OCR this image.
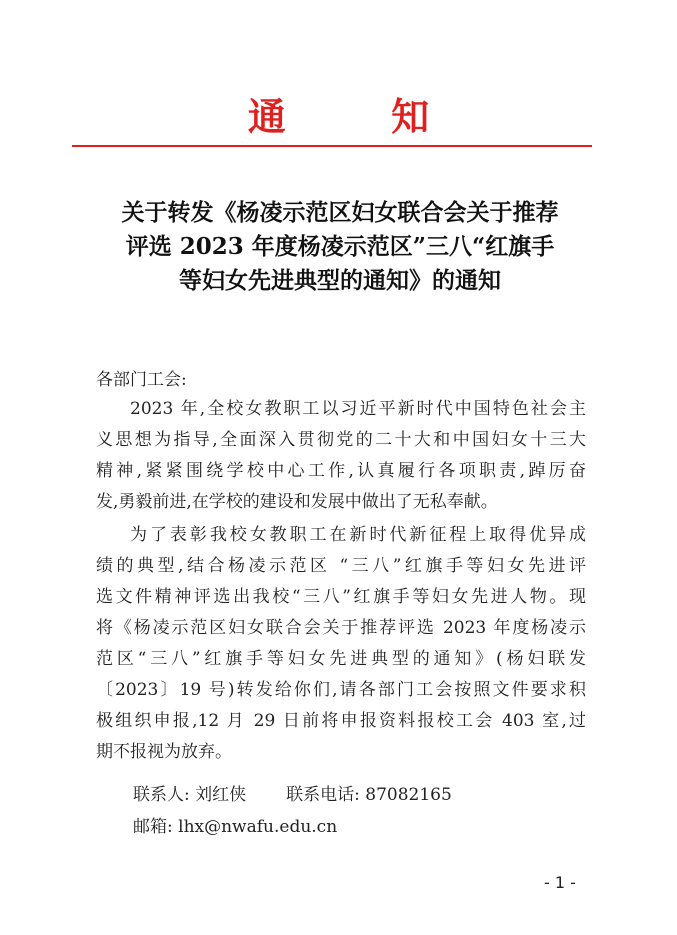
通 知
关于转发《杨凌示范区妇女联合会关于推荐
评选 2023 年度杨凌示范区”三八“红旗手
等妇女先进典型的通知》的通知
各部门工会:
2023 年,全校女教职工以习近平新时代中国特色社会主
义思想为指导,全面深入贯彻党的二十大和中国妇女十三大
精神,紧紧围绕学校中心工作,认真履行各项职责,踔厉奋
发,勇毅前进,在学校的建设和发展中做出了无私奉献。
为了表彰我校女教职工在新时代新征程上取得优异成
绩的典型,结合杨凌示范区 “三八”红旗手等妇女先进评
选文件精神评选出我校“三八”红旗手等妇女先进人物。现
将《杨凌示范区妇女联合会关于推荐评选 2023 年度杨凌示
范区“三八”红旗手等妇女先进典型的通知》(杨妇联发
〔2023〕19 号)转发给你们,请各部门工会按照文件要求积
极组织申报,12 月 29 日前将申报资料报校工会 403 室,过
期不报视为放弃。
联系人: 刘红侠 联系电话: 87082165
邮箱: lhx@nwafu.edu.cn
- 1 -
